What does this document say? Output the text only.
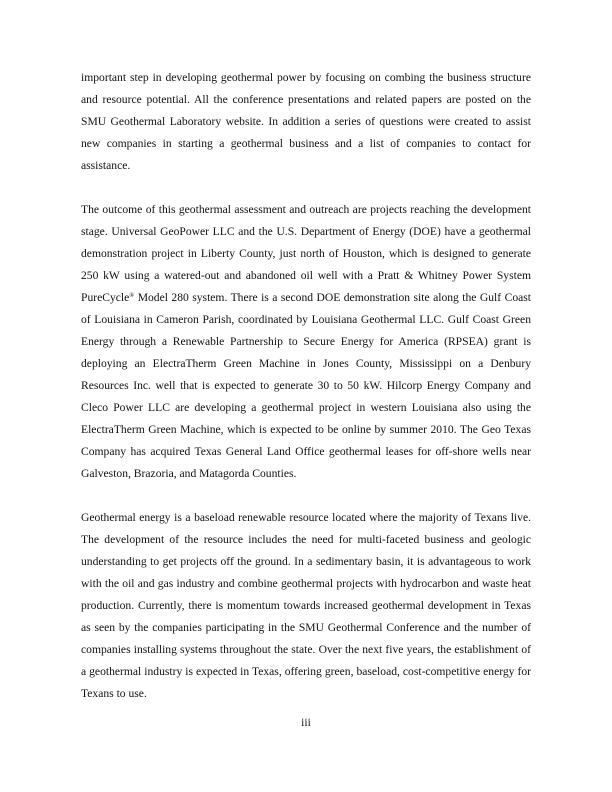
important step in developing geothermal power by focusing on combing the business structure and resource potential. All the conference presentations and related papers are posted on the SMU Geothermal Laboratory website. In addition a series of questions were created to assist new companies in starting a geothermal business and a list of companies to contact for assistance.

The outcome of this geothermal assessment and outreach are projects reaching the development stage. Universal GeoPower LLC and the U.S. Department of Energy (DOE) have a geothermal demonstration project in Liberty County, just north of Houston, which is designed to generate 250 kW using a watered-out and abandoned oil well with a Pratt & Whitney Power System PureCycle® Model 280 system. There is a second DOE demonstration site along the Gulf Coast of Louisiana in Cameron Parish, coordinated by Louisiana Geothermal LLC. Gulf Coast Green Energy through a Renewable Partnership to Secure Energy for America (RPSEA) grant is deploying an ElectraTherm Green Machine in Jones County, Mississippi on a Denbury Resources Inc. well that is expected to generate 30 to 50 kW. Hilcorp Energy Company and Cleco Power LLC are developing a geothermal project in western Louisiana also using the ElectraTherm Green Machine, which is expected to be online by summer 2010. The Geo Texas Company has acquired Texas General Land Office geothermal leases for off-shore wells near Galveston, Brazoria, and Matagorda Counties.

Geothermal energy is a baseload renewable resource located where the majority of Texans live. The development of the resource includes the need for multi-faceted business and geologic understanding to get projects off the ground. In a sedimentary basin, it is advantageous to work with the oil and gas industry and combine geothermal projects with hydrocarbon and waste heat production. Currently, there is momentum towards increased geothermal development in Texas as seen by the companies participating in the SMU Geothermal Conference and the number of companies installing systems throughout the state. Over the next five years, the establishment of a geothermal industry is expected in Texas, offering green, baseload, cost-competitive energy for Texans to use.

iii
